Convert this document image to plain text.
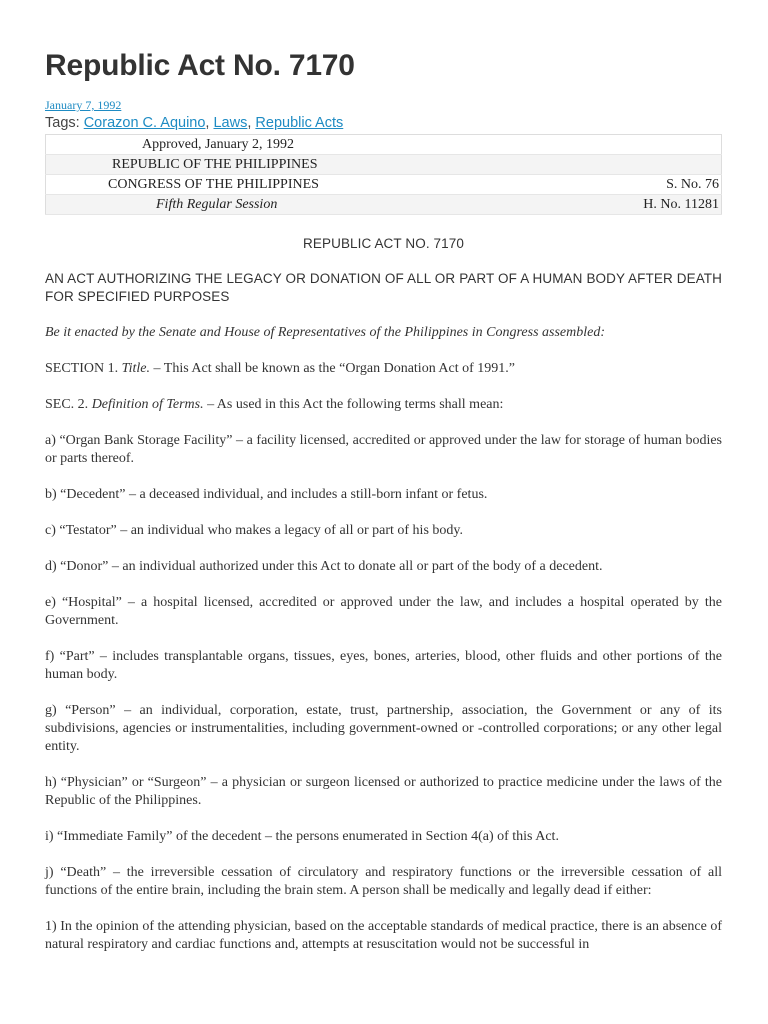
Republic Act No. 7170
January 7, 1992
Tags: Corazon C. Aquino, Laws, Republic Acts
Approved, January 2, 1992	
REPUBLIC OF THE PHILIPPINES	
CONGRESS OF THE PHILIPPINES	S. No. 76
Fifth Regular Session	H. No. 11281

REPUBLIC ACT NO. 7170

AN ACT AUTHORIZING THE LEGACY OR DONATION OF ALL OR PART OF A HUMAN BODY AFTER DEATH FOR SPECIFIED PURPOSES

Be it enacted by the Senate and House of Representatives of the Philippines in Congress assembled:

SECTION 1. Title. – This Act shall be known as the “Organ Donation Act of 1991.”

SEC. 2. Definition of Terms. – As used in this Act the following terms shall mean:

a) “Organ Bank Storage Facility” – a facility licensed, accredited or approved under the law for storage of human bodies or parts thereof.

b) “Decedent” – a deceased individual, and includes a still-born infant or fetus.

c) “Testator” – an individual who makes a legacy of all or part of his body.

d) “Donor” – an individual authorized under this Act to donate all or part of the body of a decedent.

e) “Hospital” – a hospital licensed, accredited or approved under the law, and includes a hospital operated by the Government.

f) “Part” – includes transplantable organs, tissues, eyes, bones, arteries, blood, other fluids and other portions of the human body.

g) “Person” – an individual, corporation, estate, trust, partnership, association, the Government or any of its subdivisions, agencies or instrumentalities, including government-owned or -controlled corporations; or any other legal entity.

h) “Physician” or “Surgeon” – a physician or surgeon licensed or authorized to practice medicine under the laws of the Republic of the Philippines.

i) “Immediate Family” of the decedent – the persons enumerated in Section 4(a) of this Act.

j) “Death” – the irreversible cessation of circulatory and respiratory functions or the irreversible cessation of all functions of the entire brain, including the brain stem. A person shall be medically and legally dead if either:

1) In the opinion of the attending physician, based on the acceptable standards of medical practice, there is an absence of natural respiratory and cardiac functions and, attempts at resuscitation would not be successful in
